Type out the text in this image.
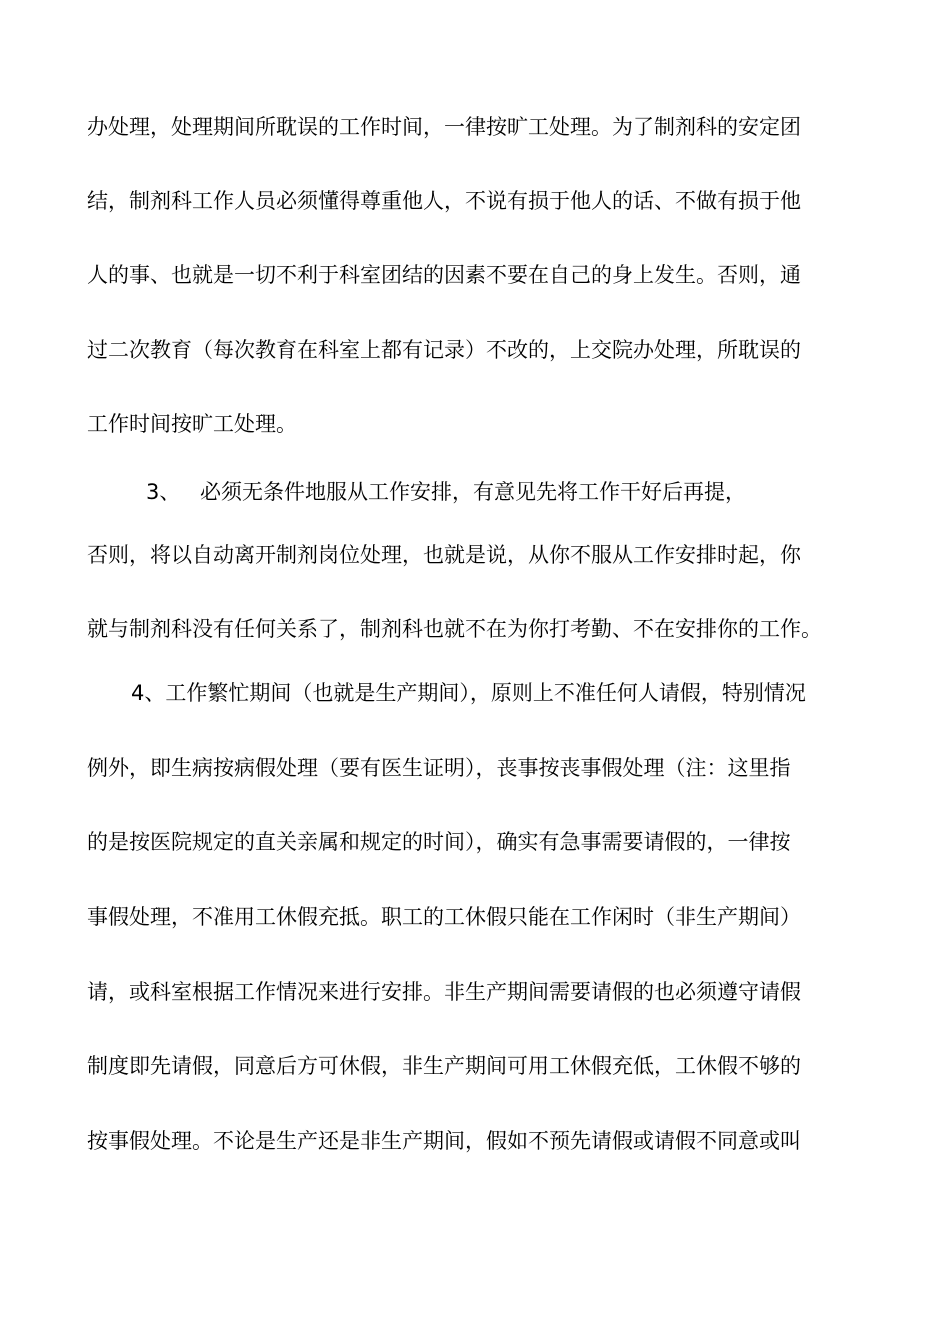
办处理，处理期间所耽误的工作时间，一律按旷工处理。为了制剂科的安定团
结，制剂科工作人员必须懂得尊重他人，不说有损于他人的话、不做有损于他
人的事、也就是一切不利于科室团结的因素不要在自己的身上发生。否则，通
过二次教育（每次教育在科室上都有记录）不改的，上交院办处理，所耽误的
工作时间按旷工处理。
3、 必须无条件地服从工作安排，有意见先将工作干好后再提，
否则，将以自动离开制剂岗位处理，也就是说，从你不服从工作安排时起，你
就与制剂科没有任何关系了，制剂科也就不在为你打考勤、不在安排你的工作。
4、工作繁忙期间（也就是生产期间），原则上不准任何人请假，特别情况
例外，即生病按病假处理（要有医生证明），丧事按丧事假处理（注：这里指
的是按医院规定的直关亲属和规定的时间），确实有急事需要请假的，一律按
事假处理，不准用工休假充抵。职工的工休假只能在工作闲时（非生产期间）
请，或科室根据工作情况来进行安排。非生产期间需要请假的也必须遵守请假
制度即先请假，同意后方可休假，非生产期间可用工休假充低，工休假不够的
按事假处理。不论是生产还是非生产期间，假如不预先请假或请假不同意或叫
